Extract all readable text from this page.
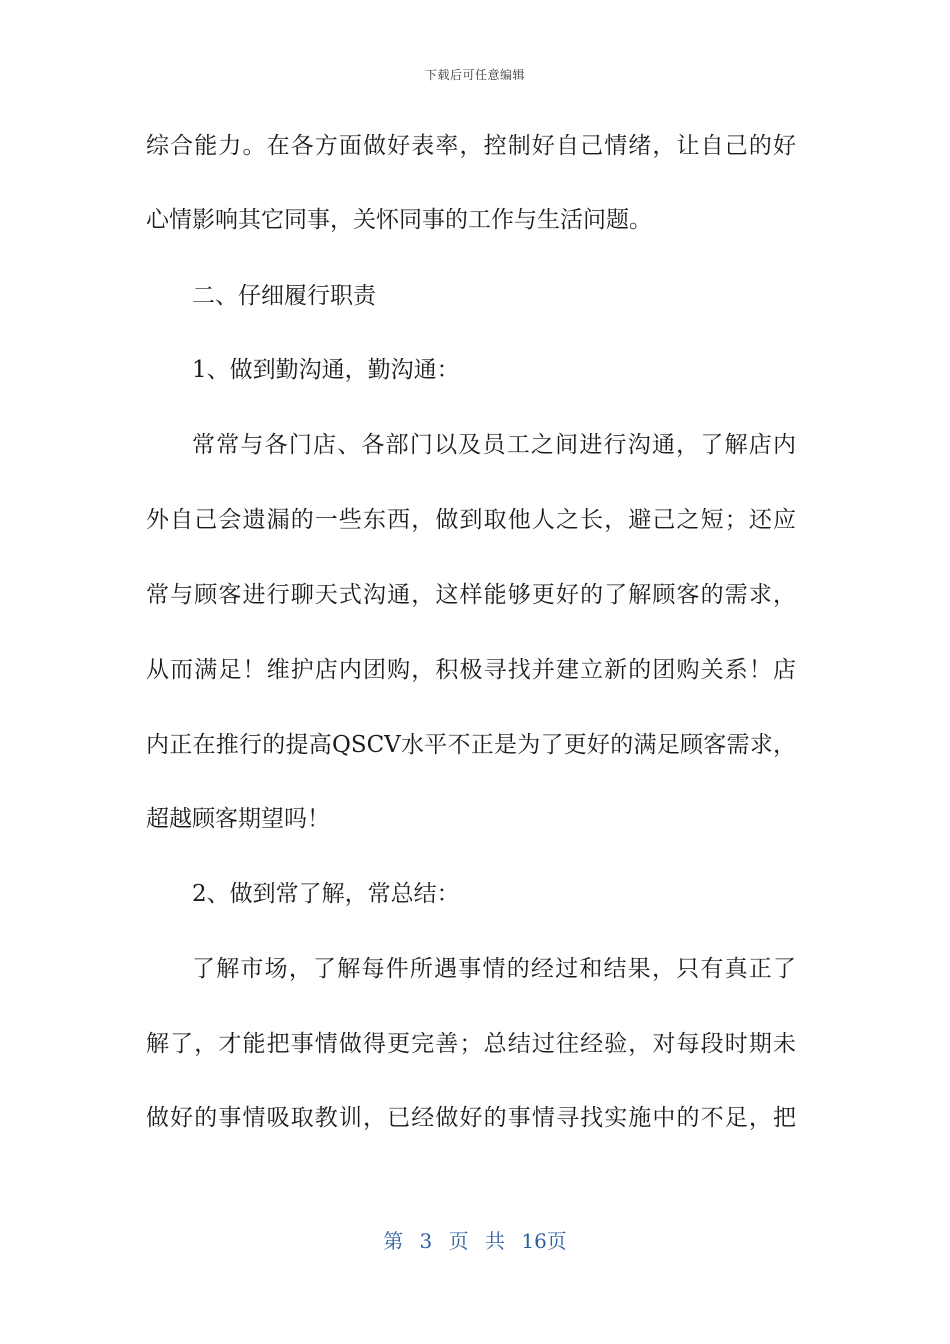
下载后可任意编辑
综合能力。在各方面做好表率，控制好自己情绪，让自己的好
心情影响其它同事，关怀同事的工作与生活问题。
二、仔细履行职责
1、做到勤沟通，勤沟通：
常常与各门店、各部门以及员工之间进行沟通，了解店内
外自己会遗漏的一些东西，做到取他人之长，避己之短；还应
常与顾客进行聊天式沟通，这样能够更好的了解顾客的需求，
从而满足！维护店内团购，积极寻找并建立新的团购关系！店
内正在推行的提高QSCV水平不正是为了更好的满足顾客需求，
超越顾客期望吗！
2、做到常了解，常总结：
了解市场，了解每件所遇事情的经过和结果，只有真正了
解了，才能把事情做得更完善；总结过往经验，对每段时期未
做好的事情吸取教训，已经做好的事情寻找实施中的不足，把
第 3 页 共 16页
